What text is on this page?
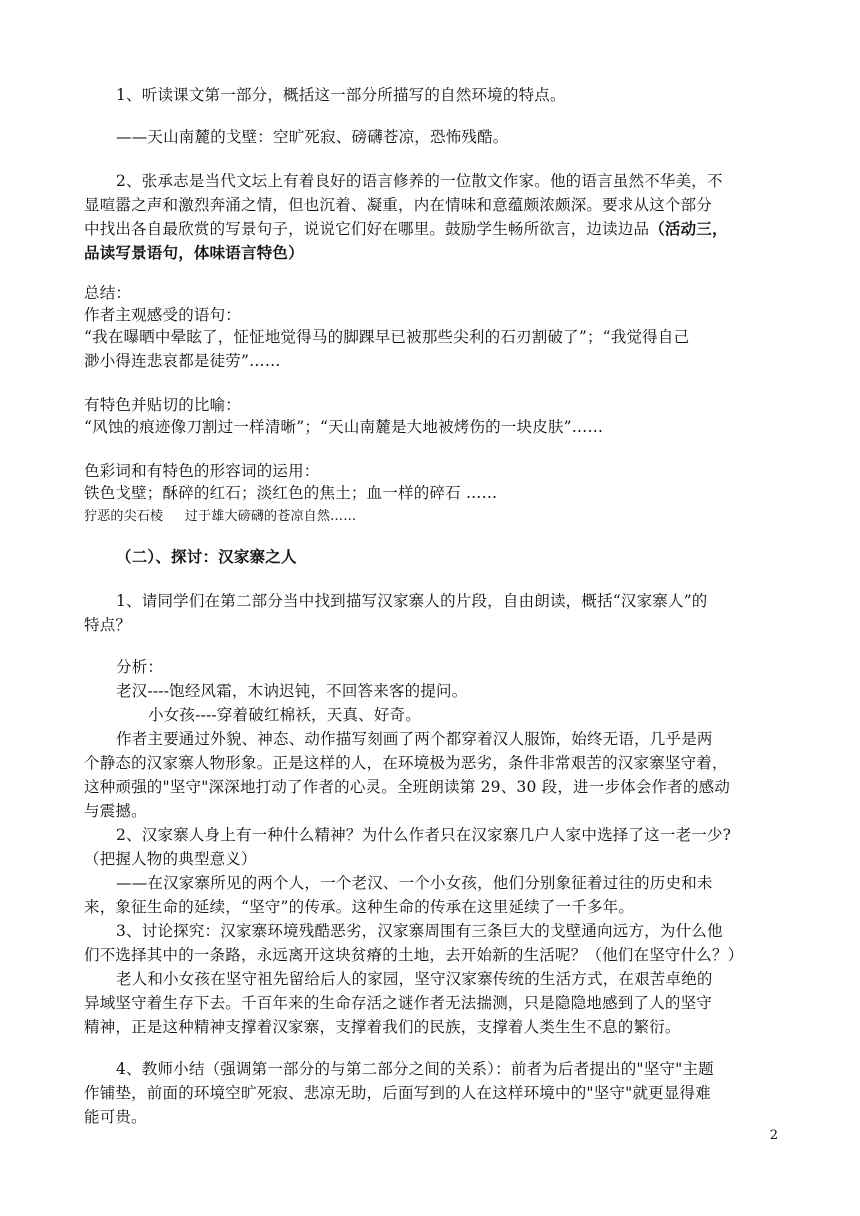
1、听读课文第一部分，概括这一部分所描写的自然环境的特点。
——天山南麓的戈壁：空旷死寂、磅礴苍凉，恐怖残酷。
2、张承志是当代文坛上有着良好的语言修养的一位散文作家。他的语言虽然不华美，不
显喧嚣之声和激烈奔涌之情，但也沉着、凝重，内在情味和意蕴颇浓颇深。要求从这个部分
中找出各自最欣赏的写景句子，说说它们好在哪里。鼓励学生畅所欲言，边读边品（活动三，
品读写景语句，体味语言特色）
总结：
作者主观感受的语句：
“我在曝晒中晕眩了，怔怔地觉得马的脚踝早已被那些尖利的石刃割破了”；“我觉得自己
渺小得连悲哀都是徒劳”……
有特色并贴切的比喻：
“风蚀的痕迹像刀割过一样清晰”；“天山南麓是大地被烤伤的一块皮肤”……
色彩词和有特色的形容词的运用：
铁色戈壁；酥碎的红石；淡红色的焦土；血一样的碎石 ……
狞恶的尖石棱     过于雄大磅礴的苍凉自然……
（二）、探讨：汉家寨之人
1、请同学们在第二部分当中找到描写汉家寨人的片段，自由朗读，概括“汉家寨人”的
特点？
分析：
老汉----饱经风霜，木讷迟钝，不回答来客的提问。
小女孩----穿着破红棉袄，天真、好奇。
作者主要通过外貌、神态、动作描写刻画了两个都穿着汉人服饰，始终无语，几乎是两
个静态的汉家寨人物形象。正是这样的人，在环境极为恶劣，条件非常艰苦的汉家寨坚守着，
这种顽强的"坚守"深深地打动了作者的心灵。全班朗读第 29、30 段，进一步体会作者的感动
与震撼。
2、汉家寨人身上有一种什么精神？为什么作者只在汉家寨几户人家中选择了这一老一少?
（把握人物的典型意义）
——在汉家寨所见的两个人，一个老汉、一个小女孩，他们分别象征着过往的历史和未
来，象征生命的延续，“坚守”的传承。这种生命的传承在这里延续了一千多年。
3、讨论探究：汉家寨环境残酷恶劣，汉家寨周围有三条巨大的戈壁通向远方，为什么他
们不选择其中的一条路，永远离开这块贫瘠的土地，去开始新的生活呢？（他们在坚守什么？）
老人和小女孩在坚守祖先留给后人的家园，坚守汉家寨传统的生活方式，在艰苦卓绝的
异域坚守着生存下去。千百年来的生命存活之谜作者无法揣测，只是隐隐地感到了人的坚守
精神，正是这种精神支撑着汉家寨，支撑着我们的民族，支撑着人类生生不息的繁衍。
4、教师小结（强调第一部分的与第二部分之间的关系）：前者为后者提出的"坚守"主题
作铺垫，前面的环境空旷死寂、悲凉无助，后面写到的人在这样环境中的"坚守"就更显得难
能可贵。
2
